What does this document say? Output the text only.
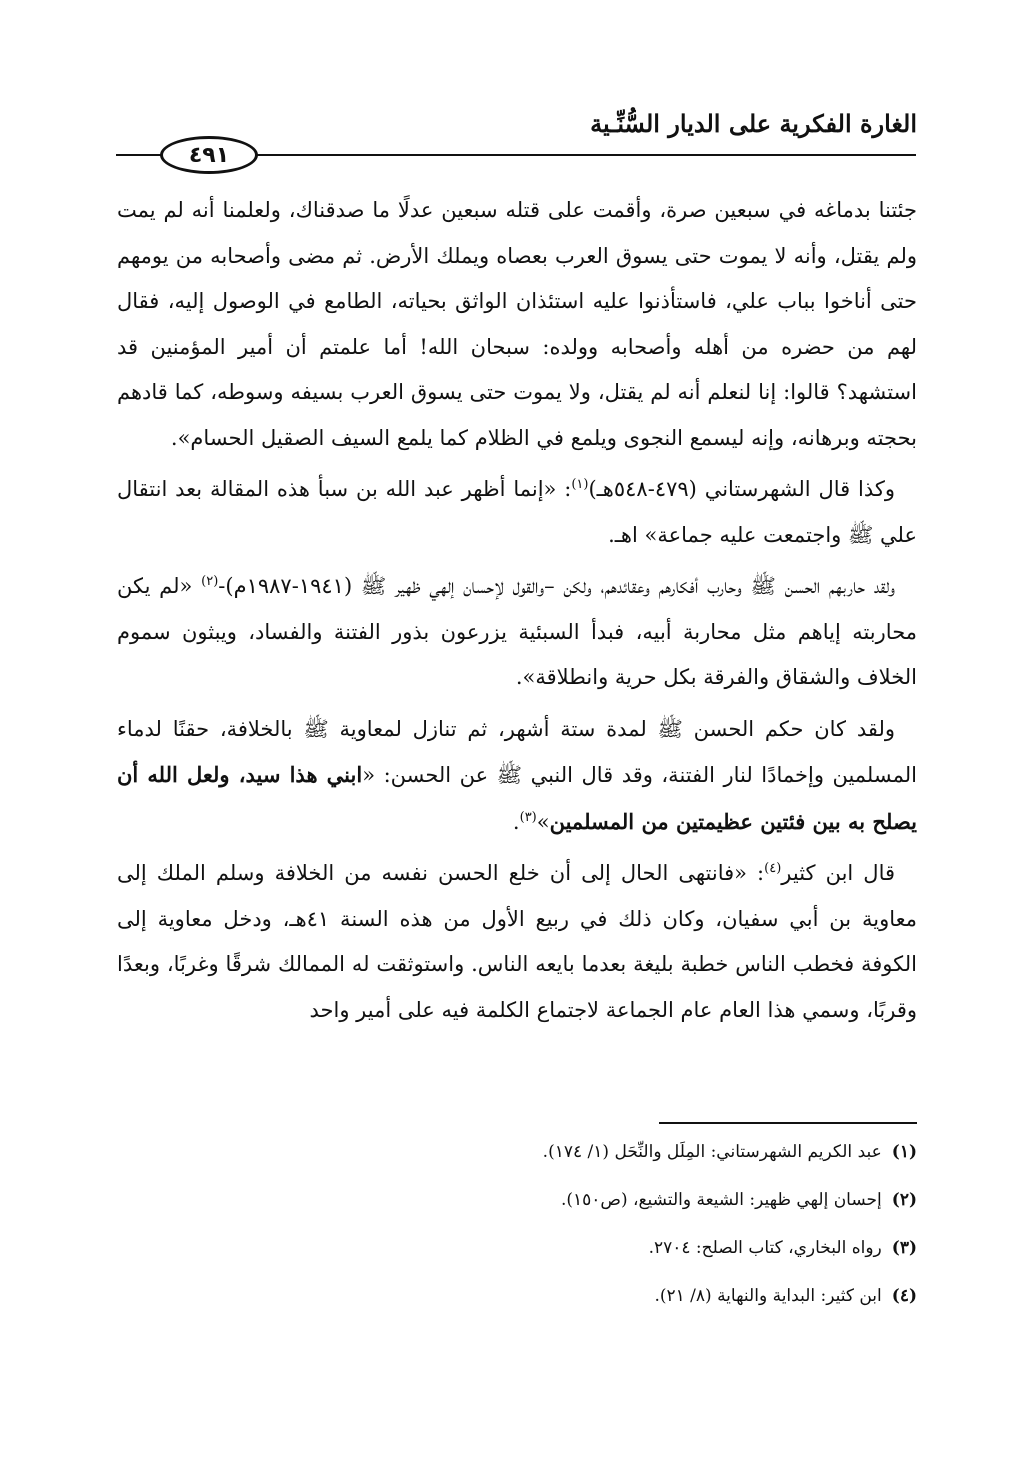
الغارة الفكرية على الديار السُّنِّـية
٤٩١

جئتنا بدماغه في سبعين صرة، وأقمت على قتله سبعين عدلًا ما صدقناك، ولعلمنا أنه لم يمت ولم يقتل، وأنه لا يموت حتى يسوق العرب بعصاه ويملك الأرض. ثم مضى وأصحابه من يومهم حتى أناخوا بباب علي، فاستأذنوا عليه استئذان الواثق بحياته، الطامع في الوصول إليه، فقال لهم من حضره من أهله وأصحابه وولده: سبحان الله! أما علمتم أن أمير المؤمنين قد استشهد؟ قالوا: إنا لنعلم أنه لم يقتل، ولا يموت حتى يسوق العرب بسيفه وسوطه، كما قادهم بحجته وبرهانه، وإنه ليسمع النجوى ويلمع في الظلام كما يلمع السيف الصقيل الحسام».

وكذا قال الشهرستاني (٤٧٩-٥٤٨هـ)$^{(١)}$: «إنما أظهر عبد الله بن سبأ هذه المقالة بعد انتقال علي ﷺ واجتمعت عليه جماعة» اهـ.

ولقد حاربهم الحسن ﷺ وحارب أفكارهم وعقائدهم، ولكن –والقول لإحسان إلهي ظهير ﷺ (١٩٤١-١٩٨٧م)-$^{(٢)}$ «لم يكن محاربته إياهم مثل محاربة أبيه، فبدأ السبئية يزرعون بذور الفتنة والفساد، ويبثون سموم الخلاف والشقاق والفرقة بكل حرية وانطلاقة».

ولقد كان حكم الحسن ﷺ لمدة ستة أشهر، ثم تنازل لمعاوية ﷺ بالخلافة، حقنًا لدماء المسلمين وإخمادًا لنار الفتنة، وقد قال النبي ﷺ عن الحسن: «ابني هذا سيد، ولعل الله أن يصلح به بين فئتين عظيمتين من المسلمين»$^{(٣)}$.

قال ابن كثير$^{(٤)}$: «فانتهى الحال إلى أن خلع الحسن نفسه من الخلافة وسلم الملك إلى معاوية بن أبي سفيان، وكان ذلك في ربيع الأول من هذه السنة ٤١هـ، ودخل معاوية إلى الكوفة فخطب الناس خطبة بليغة بعدما بايعه الناس. واستوثقت له الممالك شرقًا وغربًا، وبعدًا وقربًا، وسمي هذا العام عام الجماعة لاجتماع الكلمة فيه على أمير واحد

(١)
عبد الكريم الشهرستاني: المِلَل والنِّحَل (١/ ١٧٤).
(٢)
إحسان إلهي ظهير: الشيعة والتشيع، (ص١٥٠).
(٣)
رواه البخاري، كتاب الصلح: ٢٧٠٤.
(٤)
ابن كثير: البداية والنهاية (٨/ ٢١).
